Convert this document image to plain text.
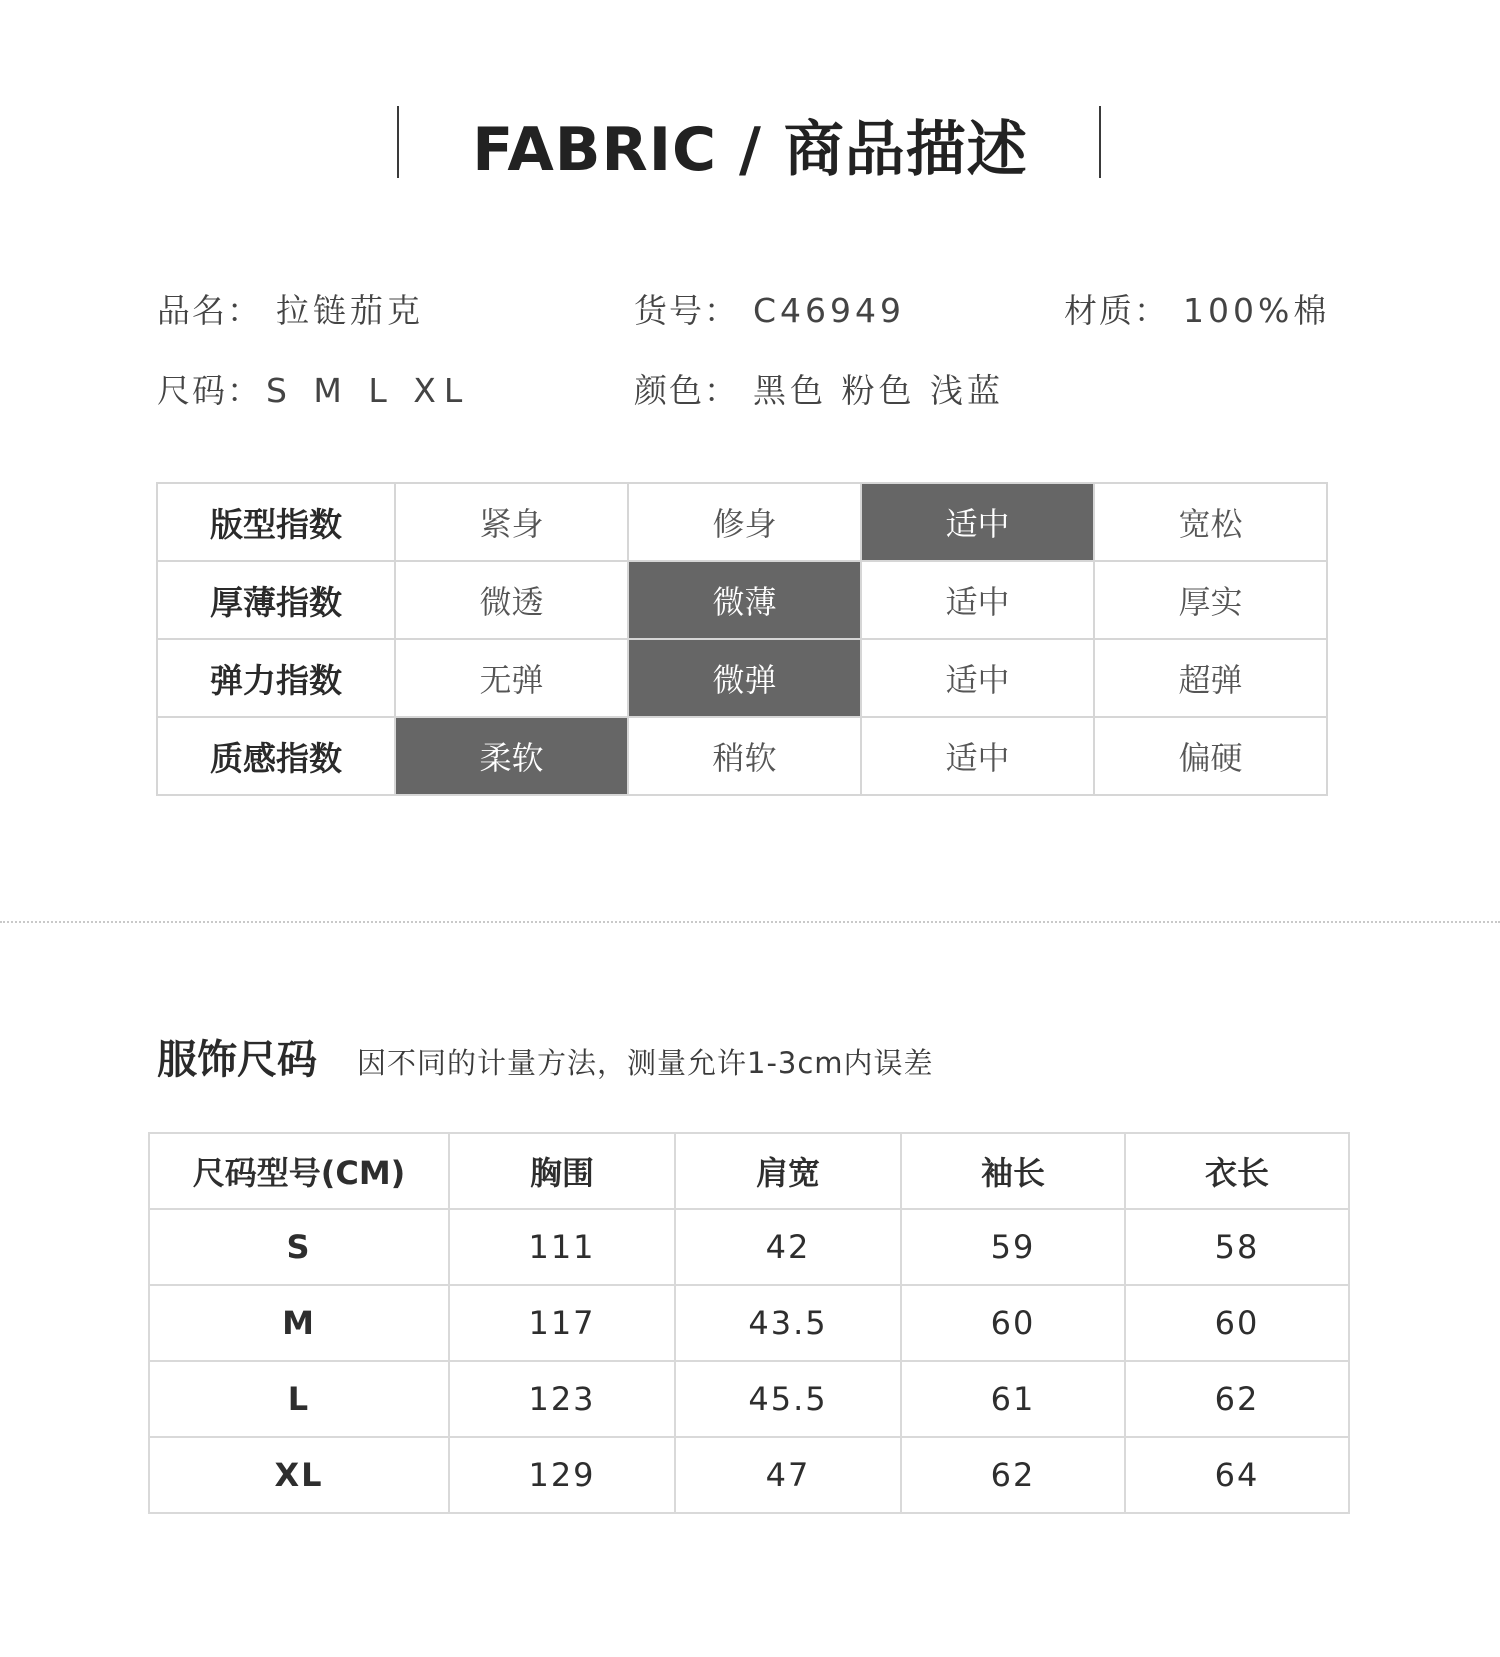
FABRIC / 商品描述
品名： 拉链茄克	货号： C46949	材质： 100%棉
尺码： S M L XL	颜色： 黑色 粉色 浅蓝
版型指数	紧身	修身	适中	宽松
厚薄指数	微透	微薄	适中	厚实
弹力指数	无弹	微弹	适中	超弹
质感指数	柔软	稍软	适中	偏硬
服饰尺码 因不同的计量方法，测量允许1-3cm内误差
尺码型号(CM)	胸围	肩宽	袖长	衣长
S	111	42	59	58
M	117	43.5	60	60
L	123	45.5	61	62
XL	129	47	62	64
